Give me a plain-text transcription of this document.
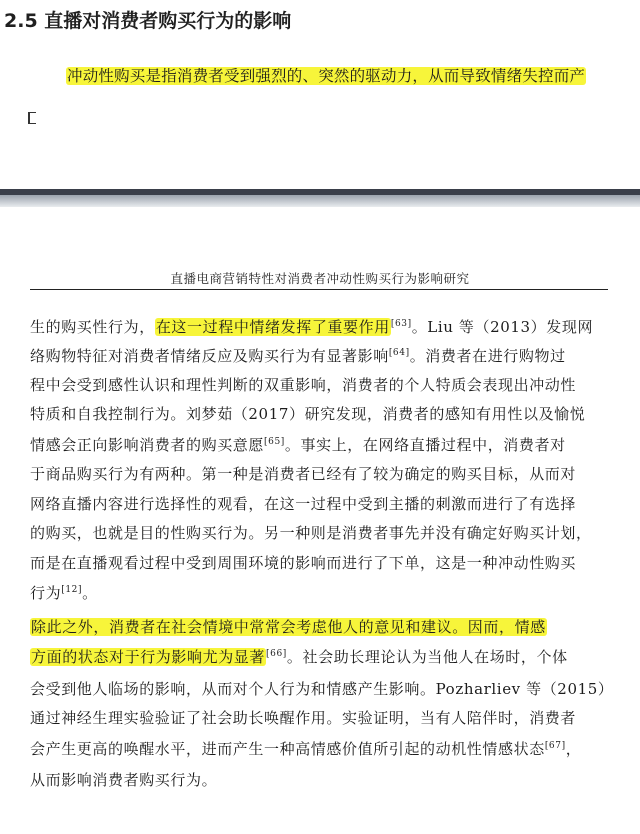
2.5 直播对消费者购买行为的影响
冲动性购买是指消费者受到强烈的、突然的驱动力，从而导致情绪失控而产
直播电商营销特性对消费者冲动性购买行为影响研究
生的购买性行为，在这一过程中情绪发挥了重要作用[63]。Liu 等（2013）发现网
络购物特征对消费者情绪反应及购买行为有显著影响[64]。消费者在进行购物过
程中会受到感性认识和理性判断的双重影响，消费者的个人特质会表现出冲动性
特质和自我控制行为。刘梦茹（2017）研究发现，消费者的感知有用性以及愉悦
情感会正向影响消费者的购买意愿[65]。事实上，在网络直播过程中，消费者对
于商品购买行为有两种。第一种是消费者已经有了较为确定的购买目标，从而对
网络直播内容进行选择性的观看，在这一过程中受到主播的刺激而进行了有选择
的购买，也就是目的性购买行为。另一种则是消费者事先并没有确定好购买计划，
而是在直播观看过程中受到周围环境的影响而进行了下单，这是一种冲动性购买
行为[12]。
除此之外，消费者在社会情境中常常会考虑他人的意见和建议。因而，情感
方面的状态对于行为影响尤为显著[66]。社会助长理论认为当他人在场时，个体
会受到他人临场的影响，从而对个人行为和情感产生影响。Pozharliev 等（2015）
通过神经生理实验验证了社会助长唤醒作用。实验证明，当有人陪伴时，消费者
会产生更高的唤醒水平，进而产生一种高情感价值所引起的动机性情感状态[67]，
从而影响消费者购买行为。
